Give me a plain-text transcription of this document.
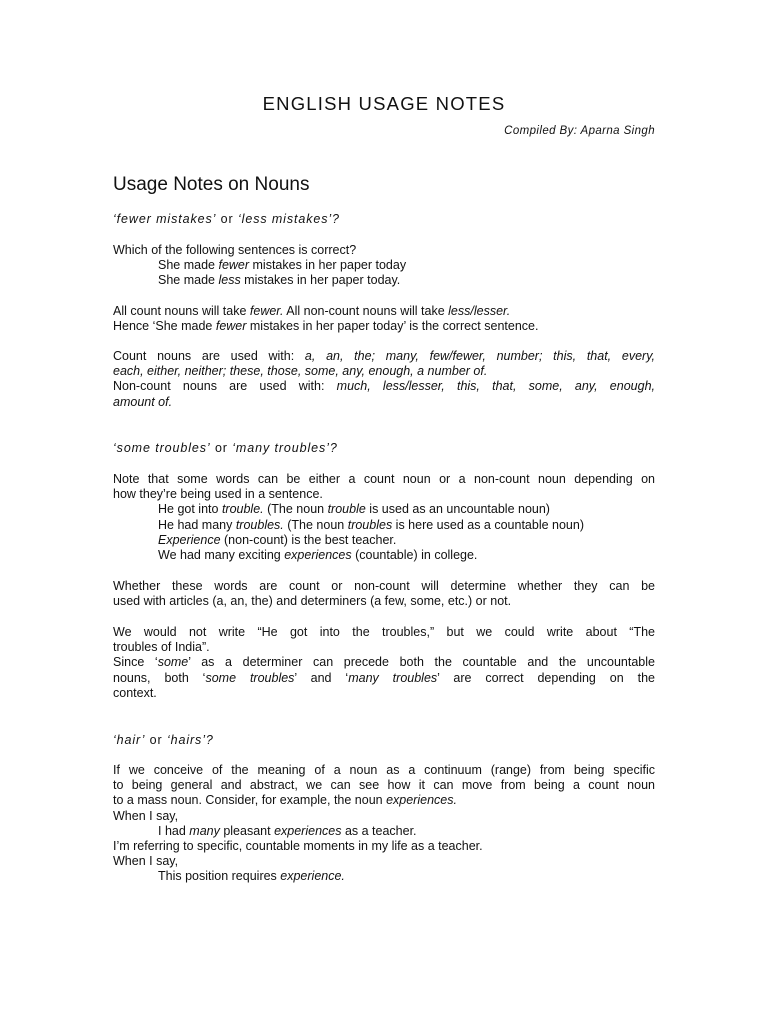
ENGLISH USAGE NOTES
Compiled By: Aparna Singh
Usage Notes on Nouns
‘fewer mistakes’ or ‘less mistakes’?

Which of the following sentences is correct?

She made fewer mistakes in her paper today

She made less mistakes in her paper today.

All count nouns will take fewer. All non-count nouns will take less/lesser.

Hence ‘She made fewer mistakes in her paper today’ is the correct sentence.

Count nouns are used with: a, an, the; many, few/fewer, number; this, that, every,

each, either, neither; these, those, some, any, enough, a number of.

Non-count nouns are used with: much, less/lesser, this, that, some, any, enough,

amount of.

‘some troubles’ or ‘many troubles’?

Note that some words can be either a count noun or a non-count noun depending on

how they’re being used in a sentence.

He got into trouble. (The noun trouble is used as an uncountable noun)

He had many troubles. (The noun troubles is here used as a countable noun)

Experience (non-count) is the best teacher.

We had many exciting experiences (countable) in college.

Whether these words are count or non-count will determine whether they can be

used with articles (a, an, the) and determiners (a few, some, etc.) or not.

We would not write “He got into the troubles,” but we could write about “The

troubles of India”.

Since ‘some’ as a determiner can precede both the countable and the uncountable

nouns, both ‘some troubles’ and ‘many troubles’ are correct depending on the

context.

‘hair’ or ‘hairs’?

If we conceive of the meaning of a noun as a continuum (range) from being specific

to being general and abstract, we can see how it can move from being a count noun

to a mass noun. Consider, for example, the noun experiences.

When I say,

I had many pleasant experiences as a teacher.

I’m referring to specific, countable moments in my life as a teacher.

When I say,

This position requires experience.
